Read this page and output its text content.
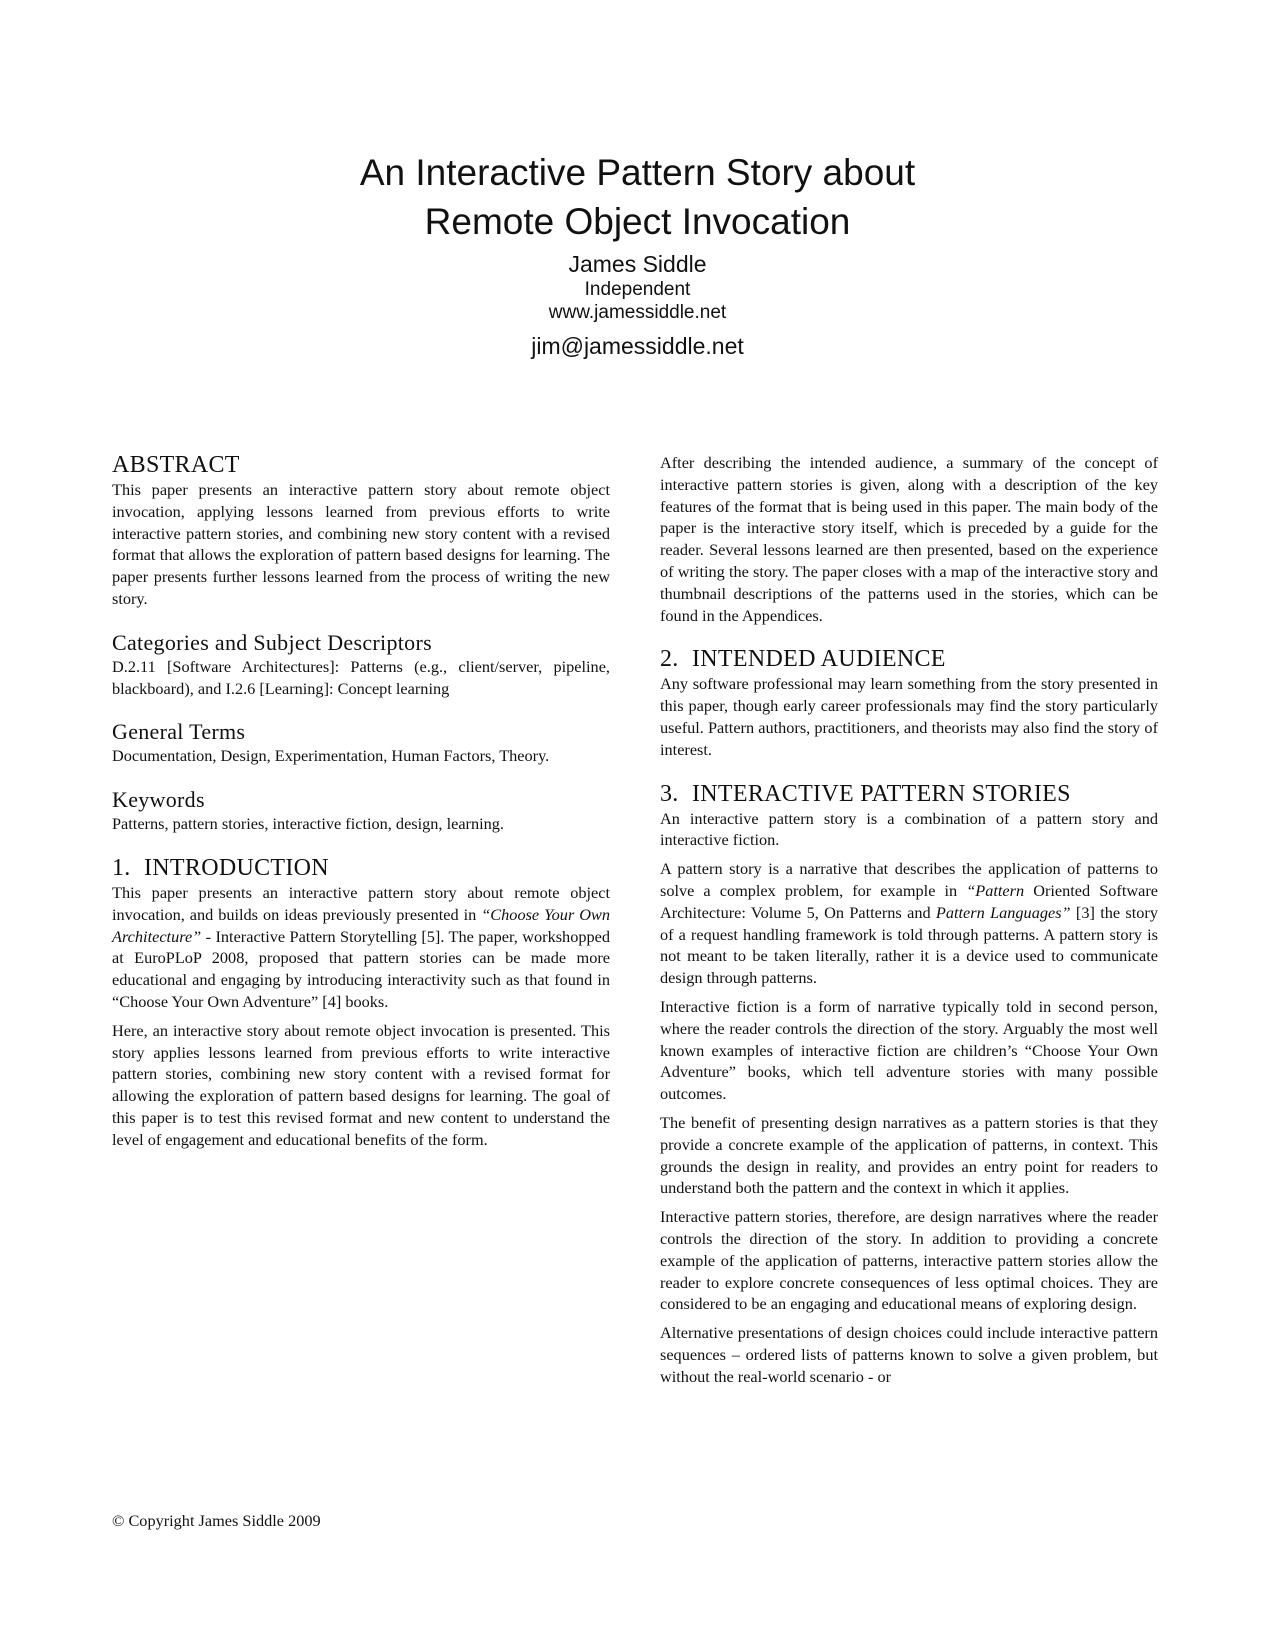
An Interactive Pattern Story about
Remote Object Invocation
James Siddle
Independent
www.jamessiddle.net
jim@jamessiddle.net
ABSTRACT

This paper presents an interactive pattern story about remote object invocation, applying lessons learned from previous efforts to write interactive pattern stories, and combining new story content with a revised format that allows the exploration of pattern based designs for learning. The paper presents further lessons learned from the process of writing the new story.

Categories and Subject Descriptors

D.2.11 [Software Architectures]: Patterns (e.g., client/server, pipeline, blackboard), and I.2.6 [Learning]: Concept learning

General Terms

Documentation, Design, Experimentation, Human Factors, Theory.

Keywords

Patterns, pattern stories, interactive fiction, design, learning.

1. INTRODUCTION

This paper presents an interactive pattern story about remote object invocation, and builds on ideas previously presented in “Choose Your Own Architecture” - Interactive Pattern Storytelling [5]. The paper, workshopped at EuroPLoP 2008, proposed that pattern stories can be made more educational and engaging by introducing interactivity such as that found in “Choose Your Own Adventure” [4] books.

Here, an interactive story about remote object invocation is presented. This story applies lessons learned from previous efforts to write interactive pattern stories, combining new story content with a revised format for allowing the exploration of pattern based designs for learning. The goal of this paper is to test this revised format and new content to understand the level of engagement and educational benefits of the form.

After describing the intended audience, a summary of the concept of interactive pattern stories is given, along with a description of the key features of the format that is being used in this paper. The main body of the paper is the interactive story itself, which is preceded by a guide for the reader. Several lessons learned are then presented, based on the experience of writing the story. The paper closes with a map of the interactive story and thumbnail descriptions of the patterns used in the stories, which can be found in the Appendices.

2. INTENDED AUDIENCE

Any software professional may learn something from the story presented in this paper, though early career professionals may find the story particularly useful. Pattern authors, practitioners, and theorists may also find the story of interest.

3. INTERACTIVE PATTERN STORIES

An interactive pattern story is a combination of a pattern story and interactive fiction.

A pattern story is a narrative that describes the application of patterns to solve a complex problem, for example in “Pattern Oriented Software Architecture: Volume 5, On Patterns and Pattern Languages” [3] the story of a request handling framework is told through patterns. A pattern story is not meant to be taken literally, rather it is a device used to communicate design through patterns.

Interactive fiction is a form of narrative typically told in second person, where the reader controls the direction of the story. Arguably the most well known examples of interactive fiction are children’s “Choose Your Own Adventure” books, which tell adventure stories with many possible outcomes.

The benefit of presenting design narratives as a pattern stories is that they provide a concrete example of the application of patterns, in context. This grounds the design in reality, and provides an entry point for readers to understand both the pattern and the context in which it applies.

Interactive pattern stories, therefore, are design narratives where the reader controls the direction of the story. In addition to providing a concrete example of the application of patterns, interactive pattern stories allow the reader to explore concrete consequences of less optimal choices. They are considered to be an engaging and educational means of exploring design.

Alternative presentations of design choices could include interactive pattern sequences – ordered lists of patterns known to solve a given problem, but without the real-world scenario - or

© Copyright James Siddle 2009
